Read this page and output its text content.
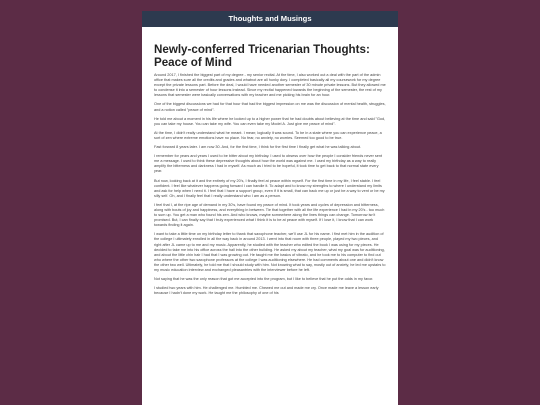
Thoughts and Musings
Newly-conferred Tricenarian Thoughts: Peace of Mind

Around 2017, I finished the biggest part of my degree - my senior recital. At the time, I also worked out a deal with the part of the admin office that makes sure all the credits and grades and whatnot are all hunky dory. I completed basically all my coursework for my degree except the private lessons part. Before the deal, I would have needed another semester of 30 minute private lessons. But they allowed me to condense it into a semester of hour lessons instead. Since my recital happened towards the beginning of the semester, the rest of my lessons that semester were basically conversations with my teacher and me picking his brain for an hour.

One of the biggest discussions we had for that hour that had the biggest impression on me was the discussion of mental health, struggles, and a notion called "peace of mind".

He told me about a moment in his life where he looked up to a higher power that he had doubts about believing at the time and said "God, you can take my house. You can take my wife. You can even take my Model A. Just give me peace of mind".

At the time, I didn't really understand what he meant. I mean; logically it was sound. To be in a state where you can experience peace, a sort of zen where extreme emotions have no place. No fear, no anxiety, no worries. Seemed too good to be true.

Fast forward 8 years later. I am now 30. And, for the first time, I think for the first time I finally get what he was talking about.

I remember for years and years I used to be bitter about my birthday. I used to obsess over how the people I consider friends never sent me a message. I used to think these depressive thoughts about how the world was against me. I used my birthday as a way to really amplify the bitterness and darkness I had in myself. As much as I tried to be hopeful, it took time to get back to that normal state every year.

But now, looking back at it and the entirety of my 20's, I finally feel at peace within myself. For the first time in my life, I feel stable. I feel confident. I feel like whatever happens going forward I can handle it. To adapt and to know my strengths to where I understand my limits and ask for help when I need it. I feel that I have a support group, even if it is small, that can back me up or just be a way to vent or be my silly self. Oh, and I finally feel that I really understand who I am as a person.

I feel that I, at the ripe age of demand in my 30's, have found my peace of mind. It took years and cycles of depression and bitterness, along with bouts of joy and happiness, and everything in between. Tie that together with all the life experience I had in my 20's - too much to sum up. You get a man who found his zen. And who knows, maybe somewhere along the lines things can change. Tomorrow isn't promised. But, I can finally say that I truly experienced what I think it is to be at peace with myself. If I lose it, I know that I can work towards finding it again.

I want to take a little time on my birthday letter to thank that saxophone teacher, we'll use JL for his name. I first met him in the audition of the college I ultimately enrolled in all the way back in around 2013. I went into that room with three people, played my two pieces, and right after JL came up to me and my music. Apparently, he studied with the teacher who edited the book I was using for my pieces. He decided to take me into his office across the hall into the other building. He asked my about my teacher, what my goal was for auditioning, and about the little chin hair I had that I was growing out. He taught me the basics of vibrato, and he took me to his computer to find out who where the other two saxophone professors at the college I was auditioning elsewhere. He had comments about one and didn't know the other two well. Ultimately, he told me that I should study with him. Not knowing what to say, mostly out of anxiety, he led me upstairs to my music education interview and exchanged pleasantries with the interviewer before he left.

Not saying that he was the only reason that got me accepted into the program, but I like to believe that he put the odds in my favor.

I studied two years with him. He challenged me. Humbled me. Chewed me out and made me cry. Once made me leave a lesson early because I hadn't done my work. He taught me the philosophy of one of his
